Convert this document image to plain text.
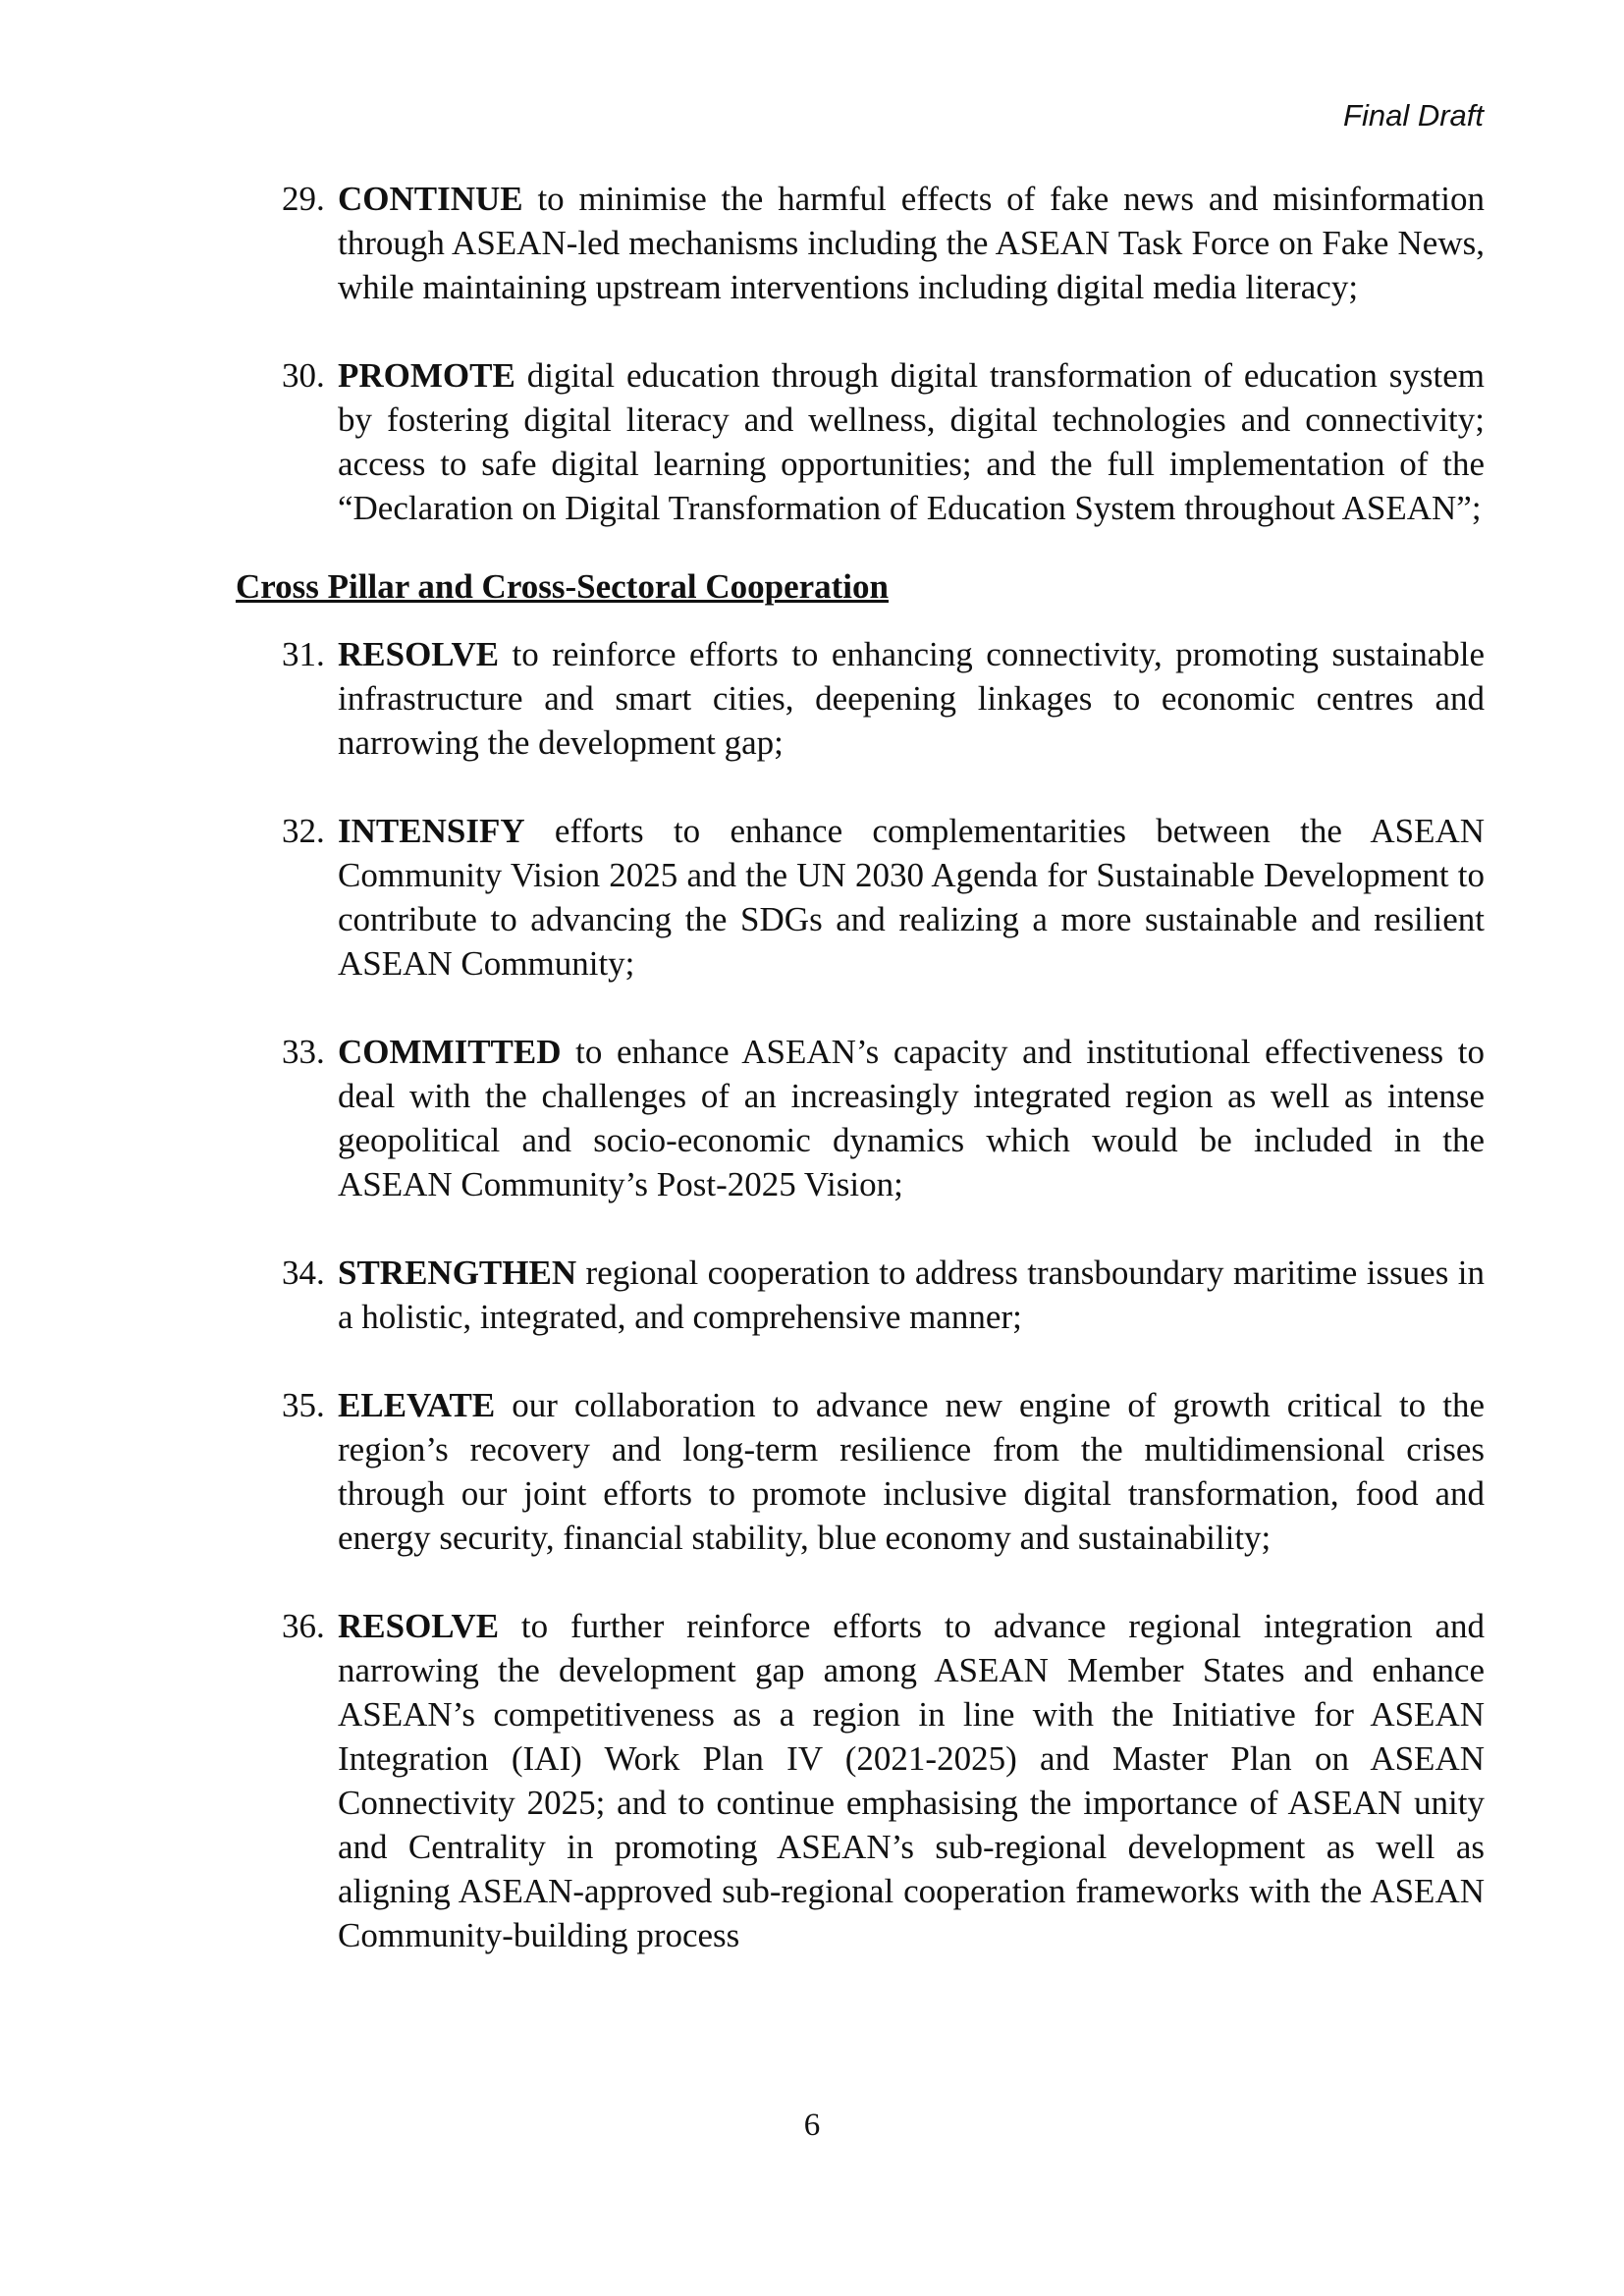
Final Draft
29. CONTINUE to minimise the harmful effects of fake news and misinformation through ASEAN-led mechanisms including the ASEAN Task Force on Fake News, while maintaining upstream interventions including digital media literacy;
30. PROMOTE digital education through digital transformation of education system by fostering digital literacy and wellness, digital technologies and connectivity; access to safe digital learning opportunities; and the full implementation of the “Declaration on Digital Transformation of Education System throughout ASEAN”;
Cross Pillar and Cross-Sectoral Cooperation
31. RESOLVE to reinforce efforts to enhancing connectivity, promoting sustainable infrastructure and smart cities, deepening linkages to economic centres and narrowing the development gap;
32. INTENSIFY efforts to enhance complementarities between the ASEAN Community Vision 2025 and the UN 2030 Agenda for Sustainable Development to contribute to advancing the SDGs and realizing a more sustainable and resilient ASEAN Community;
33. COMMITTED to enhance ASEAN’s capacity and institutional effectiveness to deal with the challenges of an increasingly integrated region as well as intense geopolitical and socio-economic dynamics which would be included in the ASEAN Community’s Post-2025 Vision;
34. STRENGTHEN regional cooperation to address transboundary maritime issues in a holistic, integrated, and comprehensive manner;
35. ELEVATE our collaboration to advance new engine of growth critical to the region’s recovery and long-term resilience from the multidimensional crises through our joint efforts to promote inclusive digital transformation, food and energy security, financial stability, blue economy and sustainability;
36. RESOLVE to further reinforce efforts to advance regional integration and narrowing the development gap among ASEAN Member States and enhance ASEAN’s competitiveness as a region in line with the Initiative for ASEAN Integration (IAI) Work Plan IV (2021-2025) and Master Plan on ASEAN Connectivity 2025; and to continue emphasising the importance of ASEAN unity and Centrality in promoting ASEAN’s sub-regional development as well as aligning ASEAN-approved sub-regional cooperation frameworks with the ASEAN Community-building process
6
